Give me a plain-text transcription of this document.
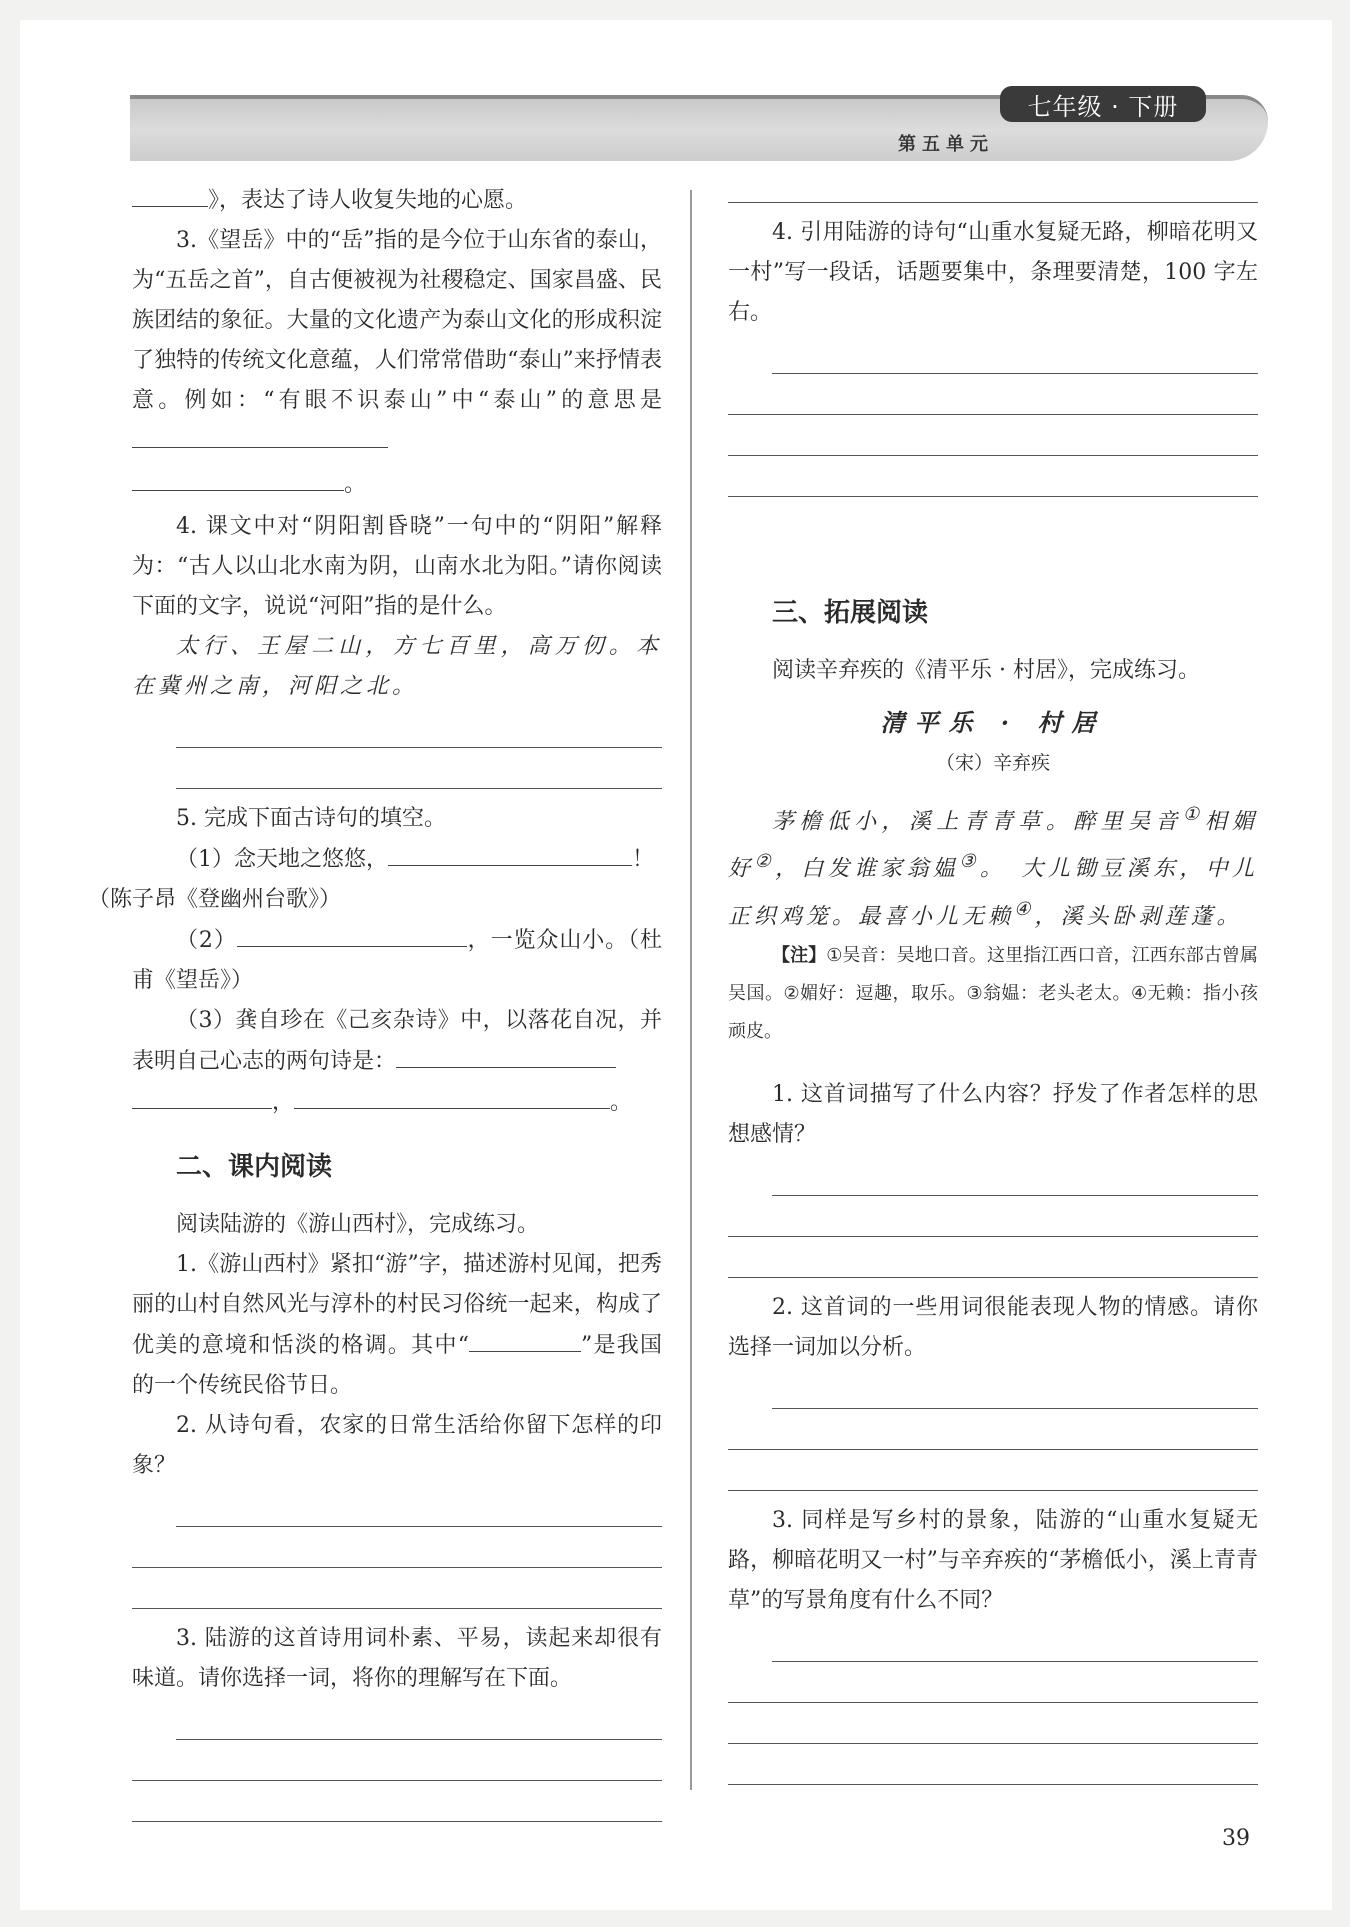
七年级 · 下册
第五单元

》，表达了诗人收复失地的心愿。

3.《望岳》中的“岳”指的是今位于山东省的泰山，为“五岳之首”，自古便被视为社稷稳定、国家昌盛、民族团结的象征。大量的文化遗产为泰山文化的形成积淀了独特的传统文化意蕴，人们常常借助“泰山”来抒情表意。例如：“有眼不识泰山”中“泰山”的意思是

。

4. 课文中对“阴阳割昏晓”一句中的“阴阳”解释为：“古人以山北水南为阴，山南水北为阳。”请你阅读下面的文字，说说“河阳”指的是什么。

太行、王屋二山，方七百里，高万仞。本在冀州之南，河阳之北。

5. 完成下面古诗句的填空。

（1）念天地之悠悠，	！
（陈子昂《登幽州台歌》）

（2）	，一览众山小。（杜甫《望岳》）

（3）龚自珍在《己亥杂诗》中，以落花自况，并表明自己心志的两句诗是：

，	。

二、课内阅读

阅读陆游的《游山西村》，完成练习。

1.《游山西村》紧扣“游”字，描述游村见闻，把秀丽的山村自然风光与淳朴的村民习俗统一起来，构成了优美的意境和恬淡的格调。其中“	”是我国的一个传统民俗节日。

2. 从诗句看，农家的日常生活给你留下怎样的印象？

3. 陆游的这首诗用词朴素、平易，读起来却很有味道。请你选择一词，将你的理解写在下面。

4. 引用陆游的诗句“山重水复疑无路，柳暗花明又一村”写一段话，话题要集中，条理要清楚，100 字左右。

三、拓展阅读

阅读辛弃疾的《清平乐 · 村居》，完成练习。

清平乐 · 村居

（宋）辛弃疾

茅檐低小，溪上青青草。醉里吴音①相媚好②，白发谁家翁媪③。　大儿锄豆溪东，中儿正织鸡笼。最喜小儿无赖④，溪头卧剥莲蓬。

【注】①吴音：吴地口音。这里指江西口音，江西东部古曾属吴国。②媚好：逗趣，取乐。③翁媪：老头老太。④无赖：指小孩顽皮。

1. 这首词描写了什么内容？抒发了作者怎样的思想感情？

2. 这首词的一些用词很能表现人物的情感。请你选择一词加以分析。

3. 同样是写乡村的景象，陆游的“山重水复疑无路，柳暗花明又一村”与辛弃疾的“茅檐低小，溪上青青草”的写景角度有什么不同？

39
